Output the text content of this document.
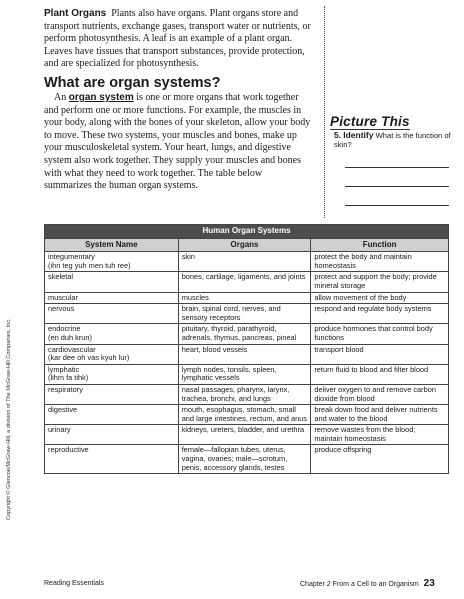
Plant Organs Plants also have organs. Plant organs store and transport nutrients, exchange gases, transport water or nutrients, or perform photosynthesis. A leaf is an example of a plant organ. Leaves have tissues that transport substances, provide protection, and are specialized for photosynthesis.

What are organ systems?

An organ system is one or more organs that work together and perform one or more functions. For example, the muscles in your body, along with the bones of your skeleton, allow your body to move. These two systems, your muscles and bones, make up your musculoskeletal system. Your heart, lungs, and digestive system also work together. They supply your muscles and bones with what they need to work together. The table below summarizes the human organ systems.

Picture This
5. Identify What is the function of skin?
Human Organ Systems		
System Name	Organs	Function
integumentary
(ihn teg yuh men tuh ree)	skin	protect the body and maintain homeostasis
skeletal	bones, cartilage, ligaments, and joints	protect and support the body; provide mineral storage
muscular	muscles	allow movement of the body
nervous	brain, spinal cord, nerves, and sensory receptors	respond and regulate body systems
endocrine
(en duh krun)	pituitary, thyroid, parathyroid, adrenals, thymus, pancreas, pineal	produce hormones that control body functions
cardiovascular
(kar dee oh vas kyuh lur)	heart, blood vessels	transport blood
lymphatic
(lihm fa tihk)	lymph nodes, tonsils, spleen, lymphatic vessels	return fluid to blood and filter blood
respiratory	nasal passages, pharynx, larynx, trachea, bronchi, and lungs	deliver oxygen to and remove carbon dioxide from blood
digestive	mouth, esophagus, stomach, small and large intestines, rectum, and anus	break down food and deliver nutrients and water to the blood
urinary	kidneys, ureters, bladder, and urethra	remove wastes from the blood; maintain homeostasis
reproductive	female—fallopian tubes, uterus, vagina, ovaries; male—scrotum, penis, accessory glands, testes	produce offspring
Copyright © Glencoe/McGraw-Hill, a division of The McGraw-Hill Companies, Inc.
Reading Essentials	Chapter 2 From a Cell to an Organism 23
